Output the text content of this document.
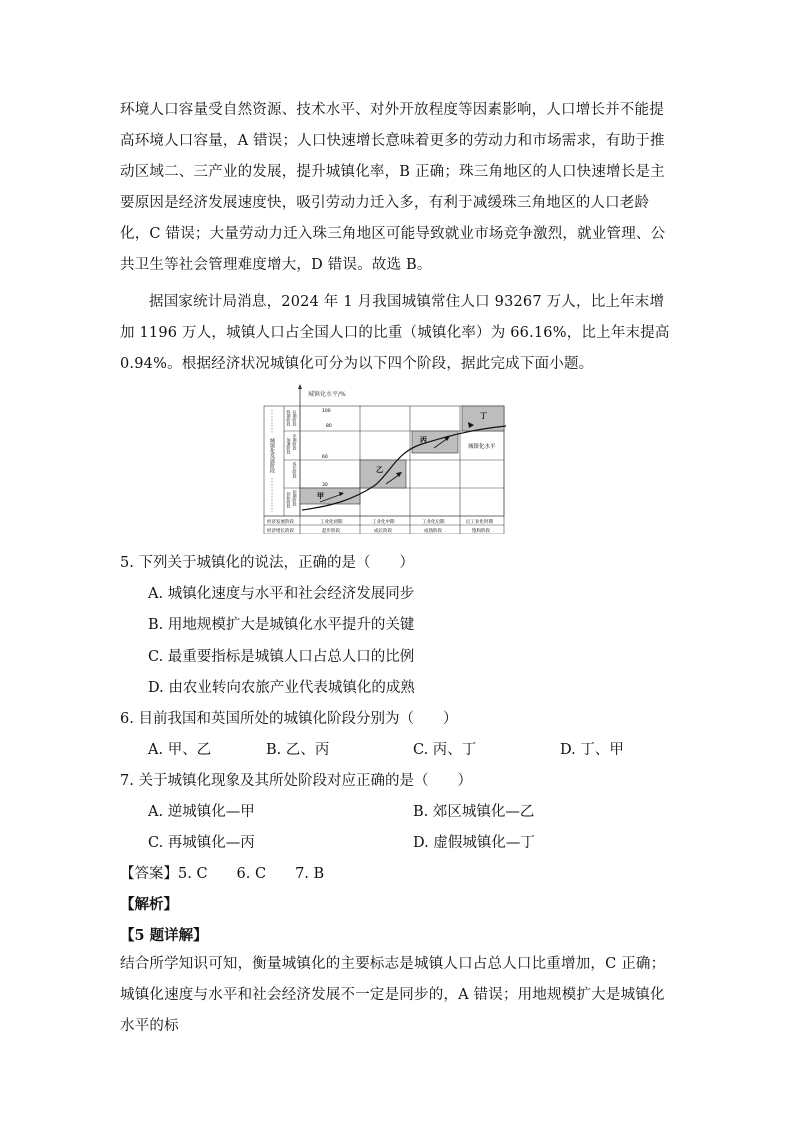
环境人口容量受自然资源、技术水平、对外开放程度等因素影响，人口增长并不能提高环境人口容量，A 错误；人口快速增长意味着更多的劳动力和市场需求，有助于推动区域二、三产业的发展，提升城镇化率，B 正确；珠三角地区的人口快速增长是主要原因是经济发展速度快，吸引劳动力迁入多，有利于减缓珠三角地区的人口老龄化，C 错误；大量劳动力迁入珠三角地区可能导致就业市场竞争激烈，就业管理、公共卫生等社会管理难度增大，D 错误。故选 B。
据国家统计局消息，2024 年 1 月我国城镇常住人口 93267 万人，比上年末增加 1196 万人，城镇人口占全国人口的比重（城镇化率）为 66.16%，比上年末提高 0.94%。根据经济状况城镇化可分为以下四个阶段，据此完成下面小题。
城镇化水平/%
甲
乙
丙
丁
城镇化水平
100
80
60
30
城镇化发展阶段
终期阶段
加速阶段
初始阶段
后期阶段
中期阶段
成长阶段
初期阶段
经济发展阶段
经济增长阶段
工业化初期	工业化中期	工业化后期	后工业化时期
起步阶段	成长阶段	成熟阶段	饱和阶段
5. 下列关于城镇化的说法，正确的是（　　）
A. 城镇化速度与水平和社会经济发展同步
B. 用地规模扩大是城镇化水平提升的关键
C. 最重要指标是城镇人口占总人口的比例
D. 由农业转向农旅产业代表城镇化的成熟
6. 目前我国和英国所处的城镇化阶段分别为（　　）
A. 甲、乙	B. 乙、丙	C. 丙、丁	D. 丁、甲
7. 关于城镇化现象及其所处阶段对应正确的是（　　）
A. 逆城镇化—甲	B. 郊区城镇化—乙
C. 再城镇化—丙	D. 虚假城镇化—丁
【答案】5. C　　6. C　　7. B
【解析】
【5 题详解】
结合所学知识可知，衡量城镇化的主要标志是城镇人口占总人口比重增加，C 正确；城镇化速度与水平和社会经济发展不一定是同步的，A 错误；用地规模扩大是城镇化水平的标
